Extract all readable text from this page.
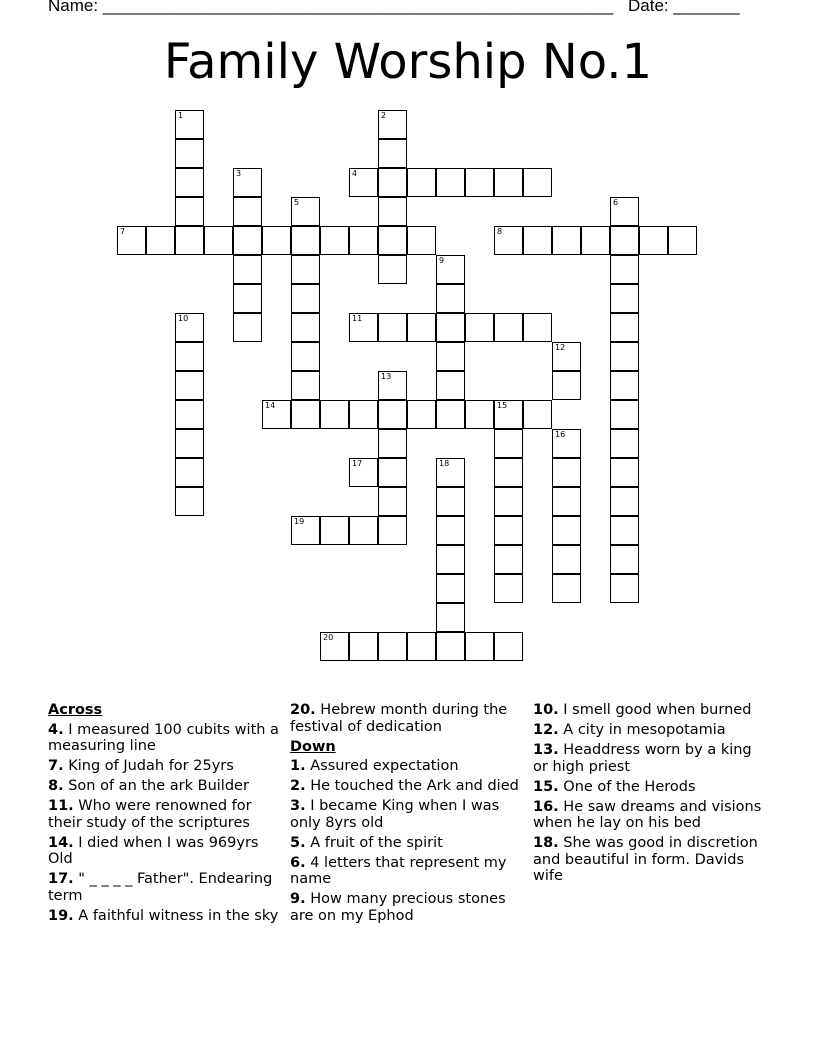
Name: ______________________________________________________ Date: _______
Family Worship No.1
1	2
3	4
5	6
7	8
9
10	11
12
13
14	15
16
17	18
19
20
Across
4. I measured 100 cubits with a measuring line
7. King of Judah for 25yrs
8. Son of an the ark Builder
11. Who were renowned for their study of the scriptures
14. I died when I was 969yrs Old
17. " _ _ _ _ Father". Endearing term
19. A faithful witness in the sky
20. Hebrew month during the festival of dedication
Down
1. Assured expectation
2. He touched the Ark and died
3. I became King when I was only 8yrs old
5. A fruit of the spirit
6. 4 letters that represent my name
9. How many precious stones are on my Ephod
10. I smell good when burned
12. A city in mesopotamia
13. Headdress worn by a king or high priest
15. One of the Herods
16. He saw dreams and visions when he lay on his bed
18. She was good in discretion and beautiful in form. Davids wife
